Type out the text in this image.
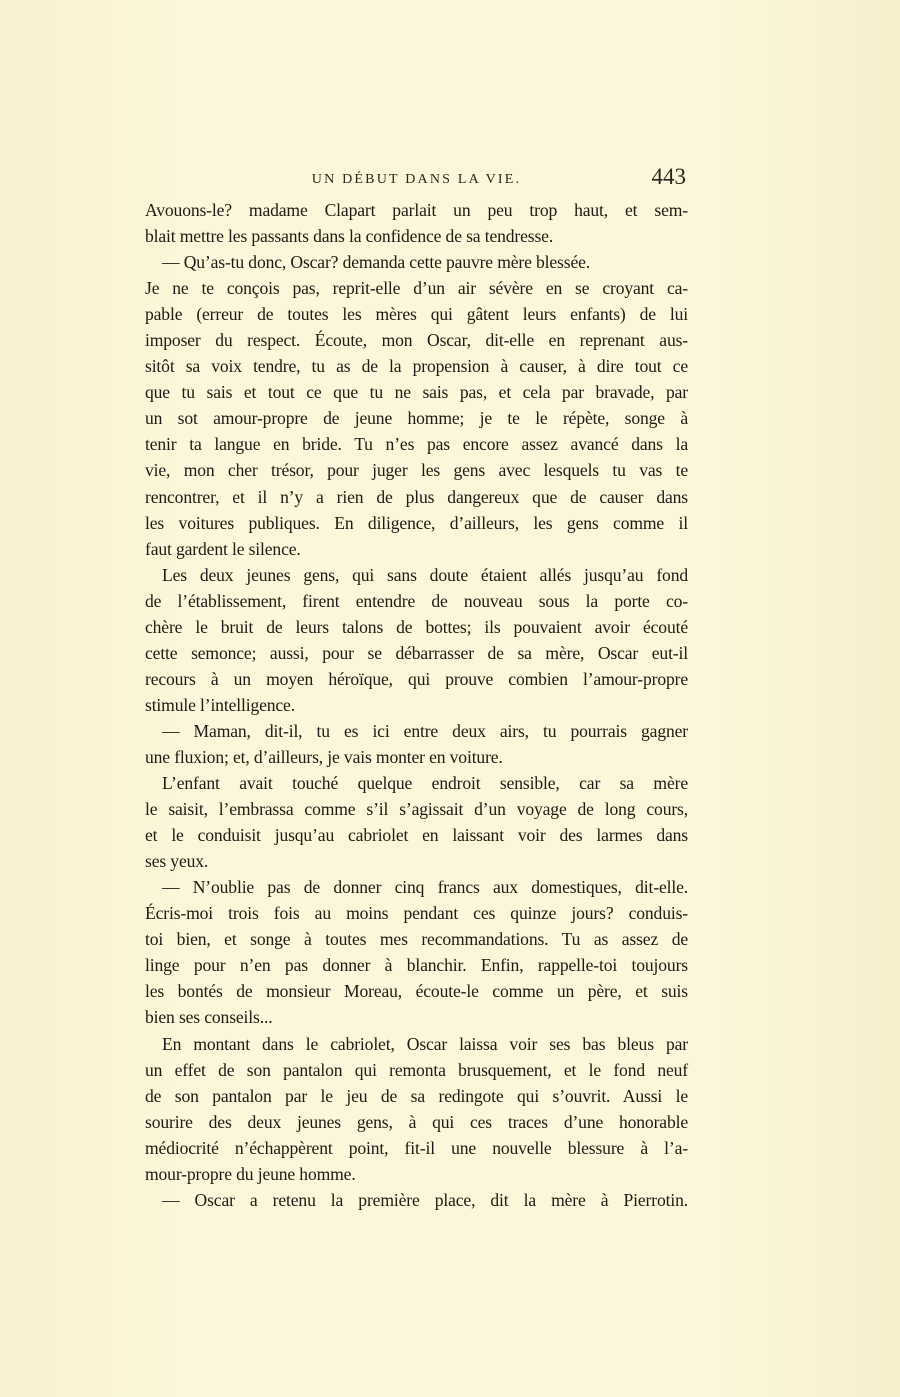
UN DÉBUT DANS LA VIE.	443
Avouons-le? madame Clapart parlait un peu trop haut, et sem-
blait mettre les passants dans la confidence de sa tendresse.
— Qu’as-tu donc, Oscar? demanda cette pauvre mère blessée.
Je ne te conçois pas, reprit-elle d’un air sévère en se croyant ca-
pable (erreur de toutes les mères qui gâtent leurs enfants) de lui
imposer du respect. Écoute, mon Oscar, dit-elle en reprenant aus-
sitôt sa voix tendre, tu as de la propension à causer, à dire tout ce
que tu sais et tout ce que tu ne sais pas, et cela par bravade, par
un sot amour-propre de jeune homme; je te le répète, songe à
tenir ta langue en bride. Tu n’es pas encore assez avancé dans la
vie, mon cher trésor, pour juger les gens avec lesquels tu vas te
rencontrer, et il n’y a rien de plus dangereux que de causer dans
les voitures publiques. En diligence, d’ailleurs, les gens comme il
faut gardent le silence.
Les deux jeunes gens, qui sans doute étaient allés jusqu’au fond
de l’établissement, firent entendre de nouveau sous la porte co-
chère le bruit de leurs talons de bottes; ils pouvaient avoir écouté
cette semonce; aussi, pour se débarrasser de sa mère, Oscar eut-il
recours à un moyen héroïque, qui prouve combien l’amour-propre
stimule l’intelligence.
— Maman, dit-il, tu es ici entre deux airs, tu pourrais gagner
une fluxion; et, d’ailleurs, je vais monter en voiture.
L’enfant avait touché quelque endroit sensible, car sa mère
le saisit, l’embrassa comme s’il s’agissait d’un voyage de long cours,
et le conduisit jusqu’au cabriolet en laissant voir des larmes dans
ses yeux.
— N’oublie pas de donner cinq francs aux domestiques, dit-elle.
Écris-moi trois fois au moins pendant ces quinze jours? conduis-
toi bien, et songe à toutes mes recommandations. Tu as assez de
linge pour n’en pas donner à blanchir. Enfin, rappelle-toi toujours
les bontés de monsieur Moreau, écoute-le comme un père, et suis
bien ses conseils...
En montant dans le cabriolet, Oscar laissa voir ses bas bleus par
un effet de son pantalon qui remonta brusquement, et le fond neuf
de son pantalon par le jeu de sa redingote qui s’ouvrit. Aussi le
sourire des deux jeunes gens, à qui ces traces d’une honorable
médiocrité n’échappèrent point, fit-il une nouvelle blessure à l’a-
mour-propre du jeune homme.
— Oscar a retenu la première place, dit la mère à Pierrotin.
